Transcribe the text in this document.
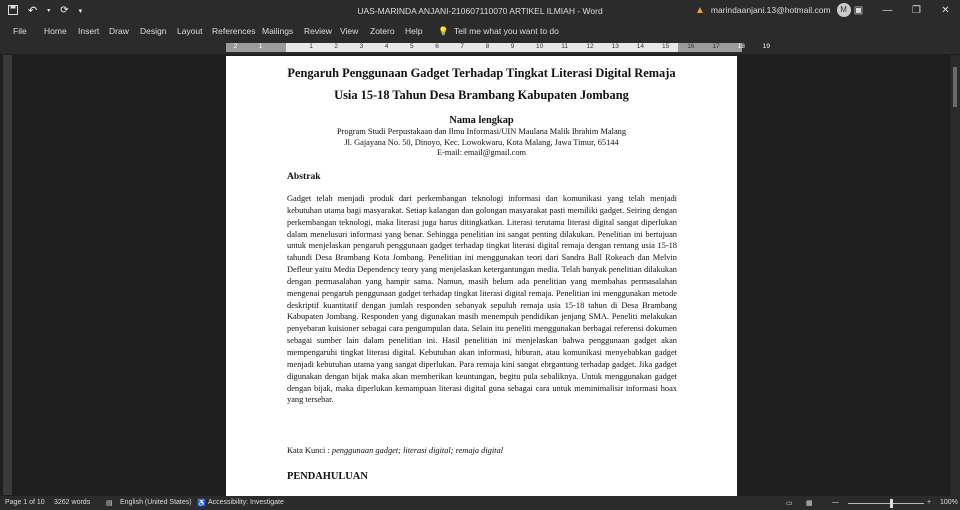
↶ ▾ ⟳ ▾	UAS-MARINDA ANJANI-210607110070 ARTIKEL ILMIAH - Word	▲ marindaanjani.13@hotmail.com	M ▣	—	❐	✕
File Home Insert Draw Design Layout References Mailings Review View Zotero Help 💡 Tell me what you want to do
2	1	1	2	3	4	5	6	7	8	9	10	11	12	13	14	15	16	17	18	19
Pengaruh Penggunaan Gadget Terhadap Tingkat Literasi Digital Remaja
Usia 15-18 Tahun Desa Brambang Kabupaten Jombang
Nama lengkap
Program Studi Perpustakaan dan Ilmu Informasi/UIN Maulana Malik Ibrahim Malang
Jl. Gajayana No. 50, Dinoyo, Kec. Lowokwaru, Kota Malang, Jawa Timur, 65144
E-mail: email@gmail.com
Abstrak
Gadget telah menjadi produk dari perkembangan teknologi informasi dan komunikasi yang telah menjadi kebutuhan utama bagi masyarakat. Setiap kalangan dan golongan masyarakat pasti memiliki gadget. Seiring dengan perkembangan teknologi, maka literasi juga harus ditingkatkan. Literasi terutama literasi digital sangat diperlukan dalam menelusuri informasi yang benar. Sehingga penelitian ini sangat penting dilakukan. Penelitian ini bertujuan untuk menjelaskan pengaruh penggunaan gadget terhadap tingkat literasi digital remaja dengan rentang usia 15-18 tahundi Desa Brambang Kota Jombang. Penelitian ini menggunakan teori dari Sandra Ball Rokeach dan Melvin Defleur yaitu Media Dependency teory yang menjelaskan ketergantungan media. Telah banyak penelitian dilakukan dengan permasalahan yang hampir sama. Namun, masih belum ada penelitian yang membahas permasalahan mengenai pengaruh penggunaan gadget terhadap tingkat literasi digital remaja. Penelitian ini menggunakan metode deskriptif kuantitatif dengan jumlah responden sebanyak sepuluh remaja usia 15-18 tahun di Desa Brambang Kabupaten Jombang. Responden yang digunakan masih menempuh pendidikan jenjang SMA. Peneliti melakukan penyebaran kuisioner sebagai cara pengumpulan data. Selain itu peneliti menggunakan berbagai referensi dokumen sebagai sumber lain dalam penelitian ini. Hasil penelitian ini menjelaskan bahwa penggunaan gadget akan mempengaruhi tingkat literasi digital. Kebutuhan akan informasi, hiburan, atau komunikasi menyebabkan gadget menjadi kebutuhan utama yang sangat diperlukan. Para remaja kini sangat ebrgantung terhadap gadget. Jika gadget digunakan dengan bijak maka akan memberikan keuntungan, begitu pula sebaliknya. Untuk menggunakan gadget dengan bijak, maka diperlukan kemampuan literasi digital guna sebagai cara untuk meminimalisir informasi hoax yang tersebar.
Kata Kunci : penggunaan gadget; literasi digital; remaja digital
PENDAHULUAN
Page 1 of 10 3262 words ▤ English (United States) ♿ Accessibility: Investigate	▭ ▦	—	+ 100%
